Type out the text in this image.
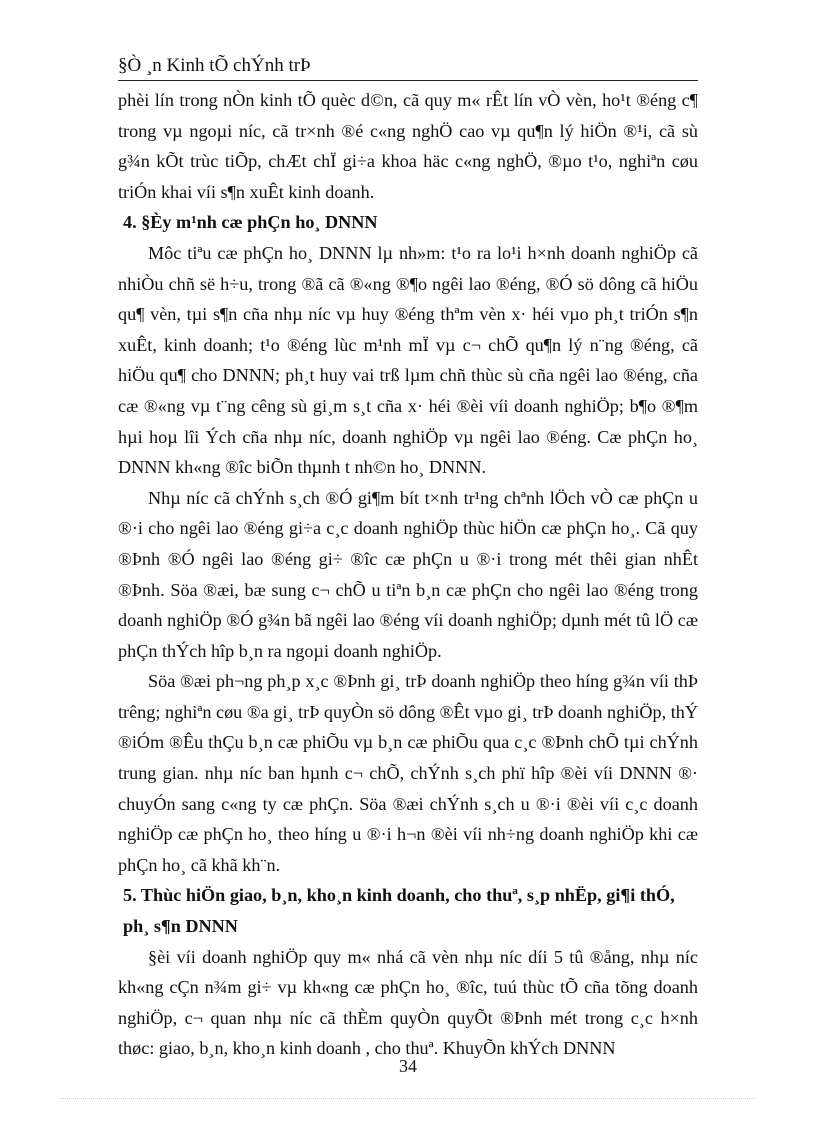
§Ò ¸n Kinh tÕ chÝnh trÞ

phèi lín trong nÒn kinh tÕ quèc d©n, cã quy m« rÊt lín vÒ vèn, ho¹t ®éng c¶ trong vµ ngoµi níc, cã tr×nh ®é c«ng nghÖ cao vµ qu¶n lý hiÖn ®¹i, cã sù g¾n kÕt trùc tiÕp, chÆt chÏ gi÷a khoa häc c«ng nghÖ, ®µo t¹o, nghiªn cøu triÓn khai víi s¶n xuÊt kinh doanh.

4. §Èy m¹nh cæ phÇn ho¸ DNNN

Môc tiªu cæ phÇn ho¸ DNNN lµ nh»m: t¹o ra lo¹i h×nh doanh nghiÖp cã nhiÒu chñ së h÷u, trong ®ã cã ®«ng ®¶o ngêi lao ®éng, ®Ó sö dông cã hiÖu qu¶ vèn, tµi s¶n cña nhµ níc vµ huy ®éng thªm vèn x· héi vµo ph¸t triÓn s¶n xuÊt, kinh doanh; t¹o ®éng lùc m¹nh mÏ vµ c¬ chÕ qu¶n lý n¨ng ®éng, cã hiÖu qu¶ cho DNNN; ph¸t huy vai trß lµm chñ thùc sù cña ngêi lao ®éng, cña cæ ®«ng vµ t¨ng cêng sù gi¸m s¸t cña x· héi ®èi víi doanh nghiÖp; b¶o ®¶m hµi hoµ lîi Ých cña nhµ níc, doanh nghiÖp vµ ngêi lao ®éng. Cæ phÇn ho¸ DNNN kh«ng ®îc biÕn thµnh t nh©n ho¸ DNNN.

Nhµ níc cã chÝnh s¸ch ®Ó gi¶m bít t×nh tr¹ng chªnh lÖch vÒ cæ phÇn u ®·i cho ngêi lao ®éng gi÷a c¸c doanh nghiÖp thùc hiÖn cæ phÇn ho¸. Cã quy ®Þnh ®Ó ngêi lao ®éng gi÷ ®îc cæ phÇn u ®·i trong mét thêi gian nhÊt ®Þnh. Söa ®æi, bæ sung c¬ chÕ u tiªn b¸n cæ phÇn cho ngêi lao ®éng trong doanh nghiÖp ®Ó g¾n bã ngêi lao ®éng víi doanh nghiÖp; dµnh mét tû lÖ cæ phÇn thÝch hîp b¸n ra ngoµi doanh nghiÖp.

Söa ®æi ph¬ng ph¸p x¸c ®Þnh gi¸ trÞ doanh nghiÖp theo híng g¾n víi thÞ trêng; nghiªn cøu ®a gi¸ trÞ quyÒn sö dông ®Êt vµo gi¸ trÞ doanh nghiÖp, thÝ ®iÓm ®Êu thÇu b¸n cæ phiÕu vµ b¸n cæ phiÕu qua c¸c ®Þnh chÕ tµi chÝnh trung gian. nhµ níc ban hµnh c¬ chÕ, chÝnh s¸ch phï hîp ®èi víi DNNN ®· chuyÓn sang c«ng ty cæ phÇn. Söa ®æi chÝnh s¸ch u ®·i ®èi víi c¸c doanh nghiÖp cæ phÇn ho¸ theo híng u ®·i h¬n ®èi víi nh÷ng doanh nghiÖp khi cæ phÇn ho¸ cã khã kh¨n.

5. Thùc hiÖn giao, b¸n, kho¸n kinh doanh, cho thuª, s¸p nhËp, gi¶i thÓ, ph¸ s¶n DNNN

§èi víi doanh nghiÖp quy m« nhá cã vèn nhµ níc díi 5 tû ®ång, nhµ níc kh«ng cÇn n¾m gi÷ vµ kh«ng cæ phÇn ho¸ ®îc, tuú thùc tÕ cña tõng doanh nghiÖp, c¬ quan nhµ níc cã thÈm quyÒn quyÕt ®Þnh mét trong c¸c h×nh thøc: giao, b¸n, kho¸n kinh doanh , cho thuª. KhuyÕn khÝch DNNN

34
